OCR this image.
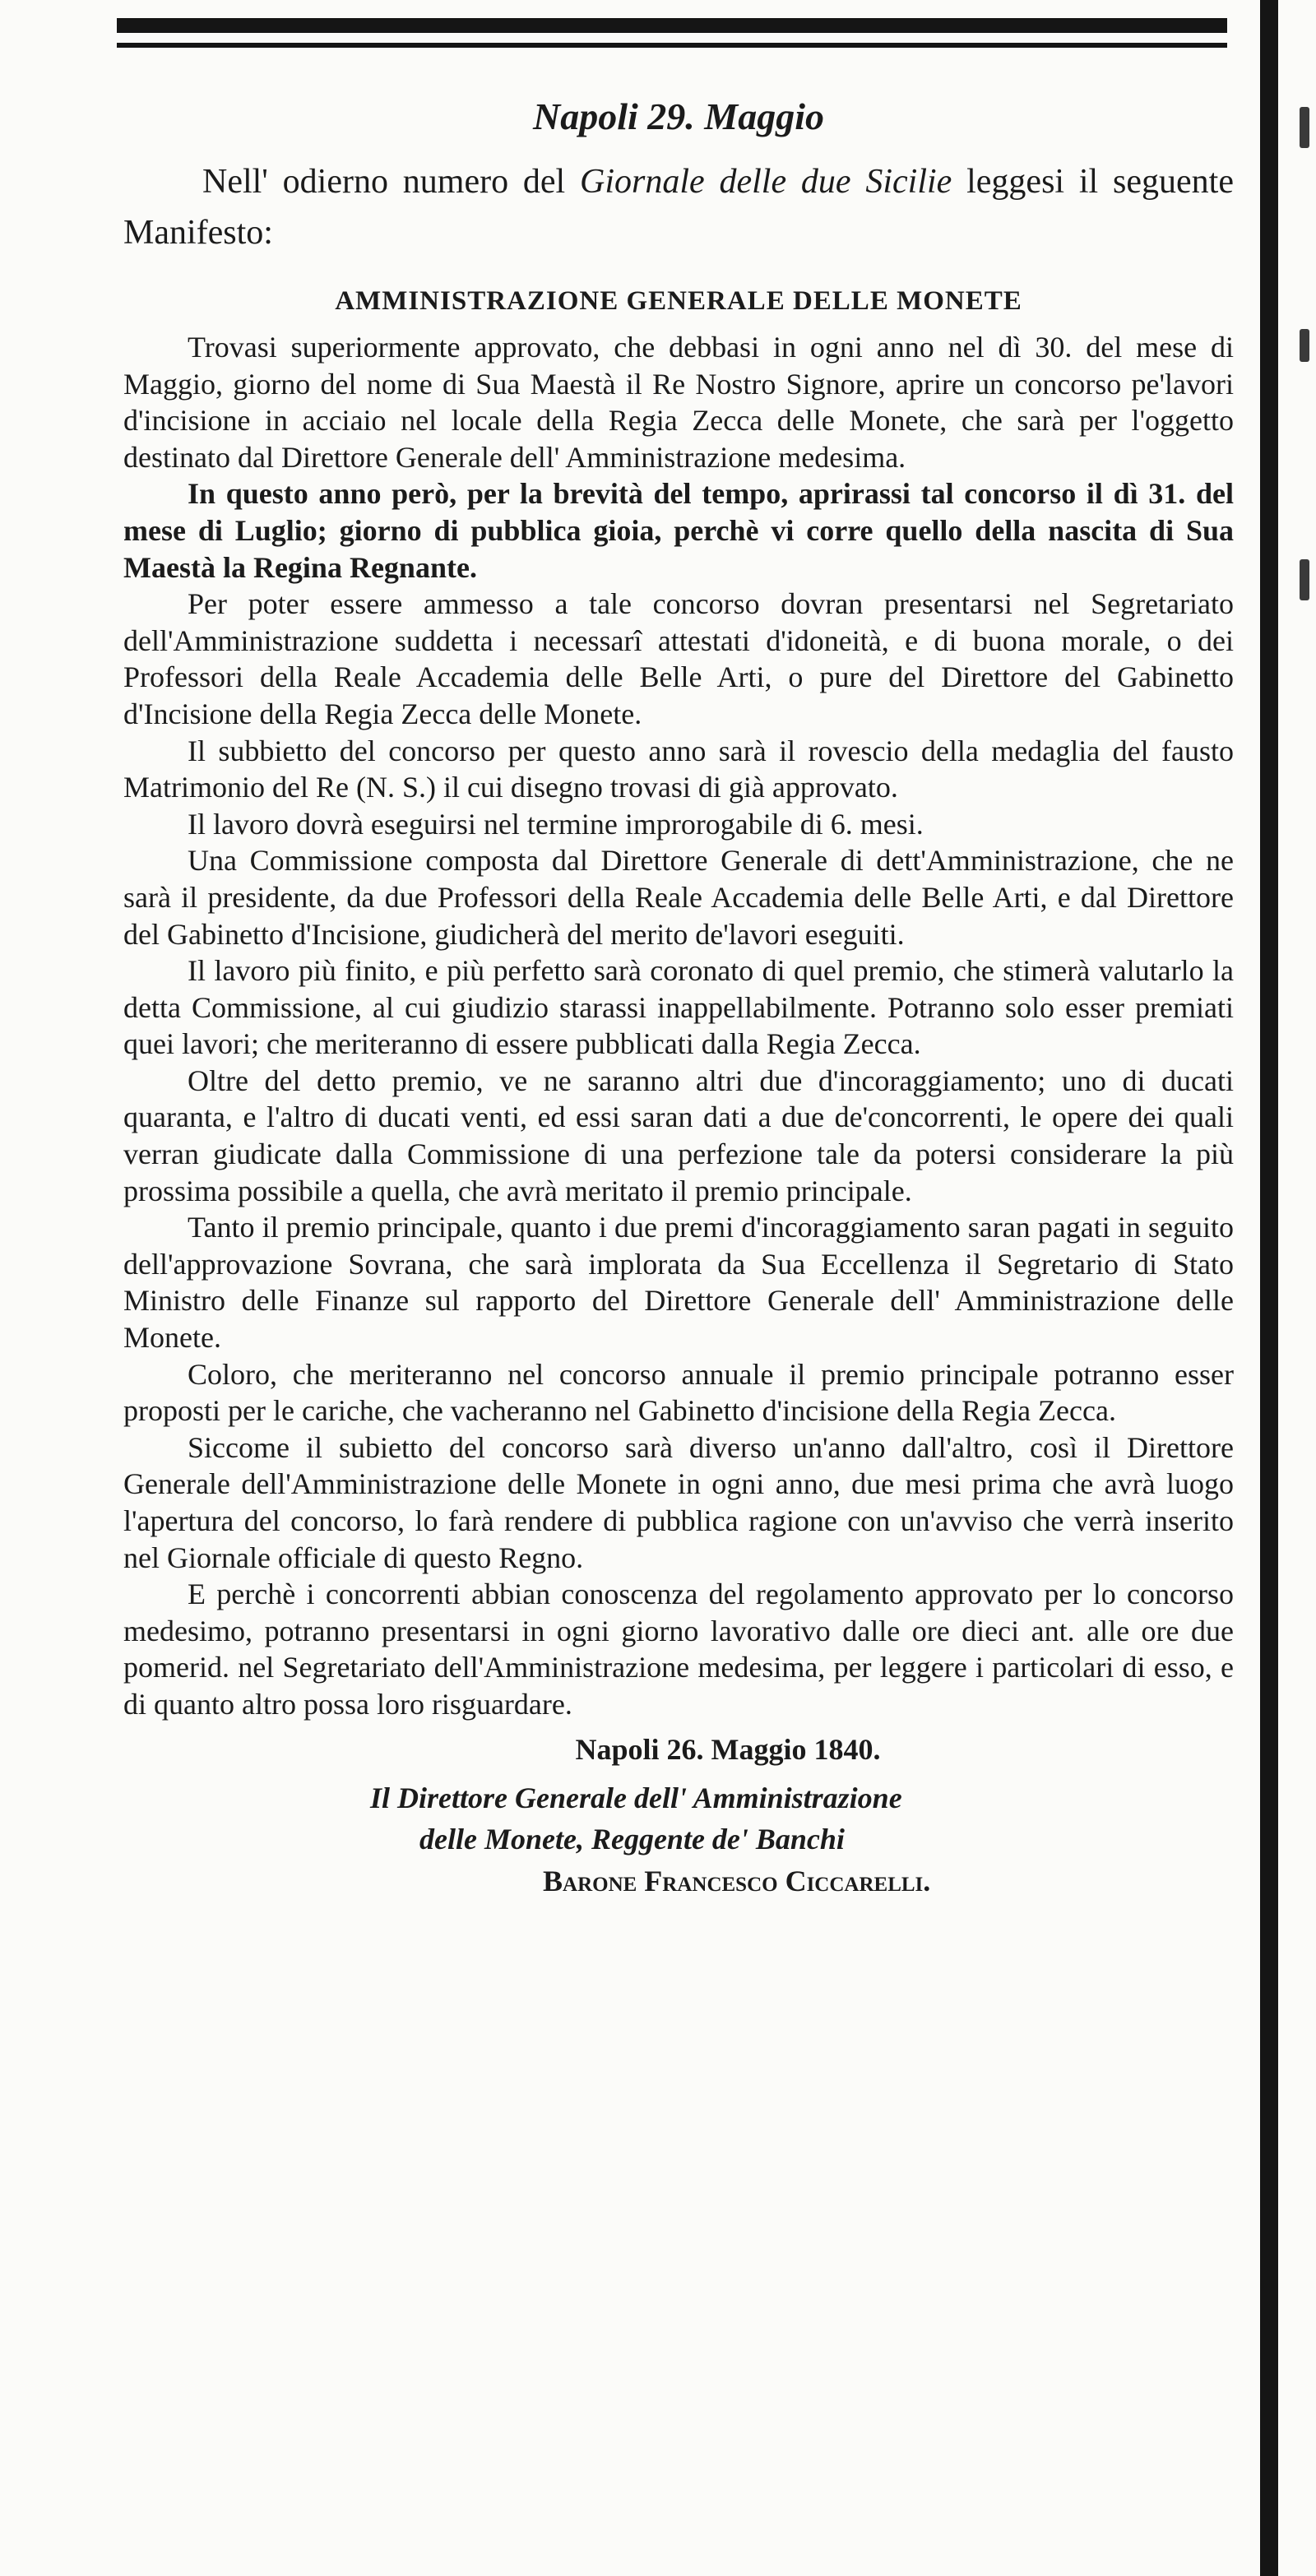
Napoli 29. Maggio

Nell' odierno numero del Giornale delle due Sicilie leggesi il seguente Manifesto:

AMMINISTRAZIONE GENERALE DELLE MONETE

Trovasi superiormente approvato, che debbasi in ogni anno nel dì 30. del mese di Maggio, giorno del nome di Sua Maestà il Re Nostro Signore, aprire un concorso pe'lavori d'incisione in acciaio nel locale della Regia Zecca delle Monete, che sarà per l'oggetto destinato dal Direttore Generale dell' Amministrazione medesima.

In questo anno però, per la brevità del tempo, aprirassi tal concorso il dì 31. del mese di Luglio; giorno di pubblica gioia, perchè vi corre quello della nascita di Sua Maestà la Regina Regnante.

Per poter essere ammesso a tale concorso dovran presentarsi nel Segretariato dell'Amministrazione suddetta i necessarî attestati d'idoneità, e di buona morale, o dei Professori della Reale Accademia delle Belle Arti, o pure del Direttore del Gabinetto d'Incisione della Regia Zecca delle Monete.

Il subbietto del concorso per questo anno sarà il rovescio della medaglia del fausto Matrimonio del Re (N. S.) il cui disegno trovasi di già approvato.

Il lavoro dovrà eseguirsi nel termine improrogabile di 6. mesi.

Una Commissione composta dal Direttore Generale di dett'Amministrazione, che ne sarà il presidente, da due Professori della Reale Accademia delle Belle Arti, e dal Direttore del Gabinetto d'Incisione, giudicherà del merito de'lavori eseguiti.

Il lavoro più finito, e più perfetto sarà coronato di quel premio, che stimerà valutarlo la detta Commissione, al cui giudizio starassi inappellabilmente. Potranno solo esser premiati quei lavori; che meriteranno di essere pubblicati dalla Regia Zecca.

Oltre del detto premio, ve ne saranno altri due d'incoraggiamento; uno di ducati quaranta, e l'altro di ducati venti, ed essi saran dati a due de'concorrenti, le opere dei quali verran giudicate dalla Commissione di una perfezione tale da potersi considerare la più prossima possibile a quella, che avrà meritato il premio principale.

Tanto il premio principale, quanto i due premi d'incoraggiamento saran pagati in seguito dell'approvazione Sovrana, che sarà implorata da Sua Eccellenza il Segretario di Stato Ministro delle Finanze sul rapporto del Direttore Generale dell' Amministrazione delle Monete.

Coloro, che meriteranno nel concorso annuale il premio principale potranno esser proposti per le cariche, che vacheranno nel Gabinetto d'incisione della Regia Zecca.

Siccome il subietto del concorso sarà diverso un'anno dall'altro, così il Direttore Generale dell'Amministrazione delle Monete in ogni anno, due mesi prima che avrà luogo l'apertura del concorso, lo farà rendere di pubblica ragione con un'avviso che verrà inserito nel Giornale officiale di questo Regno.

E perchè i concorrenti abbian conoscenza del regolamento approvato per lo concorso medesimo, potranno presentarsi in ogni giorno lavorativo dalle ore dieci ant. alle ore due pomerid. nel Segretariato dell'Amministrazione medesima, per leggere i particolari di esso, e di quanto altro possa loro risguardare.

Napoli 26. Maggio 1840.

Il Direttore Generale dell' Amministrazione

delle Monete, Reggente de' Banchi

Barone Francesco Ciccarelli.
